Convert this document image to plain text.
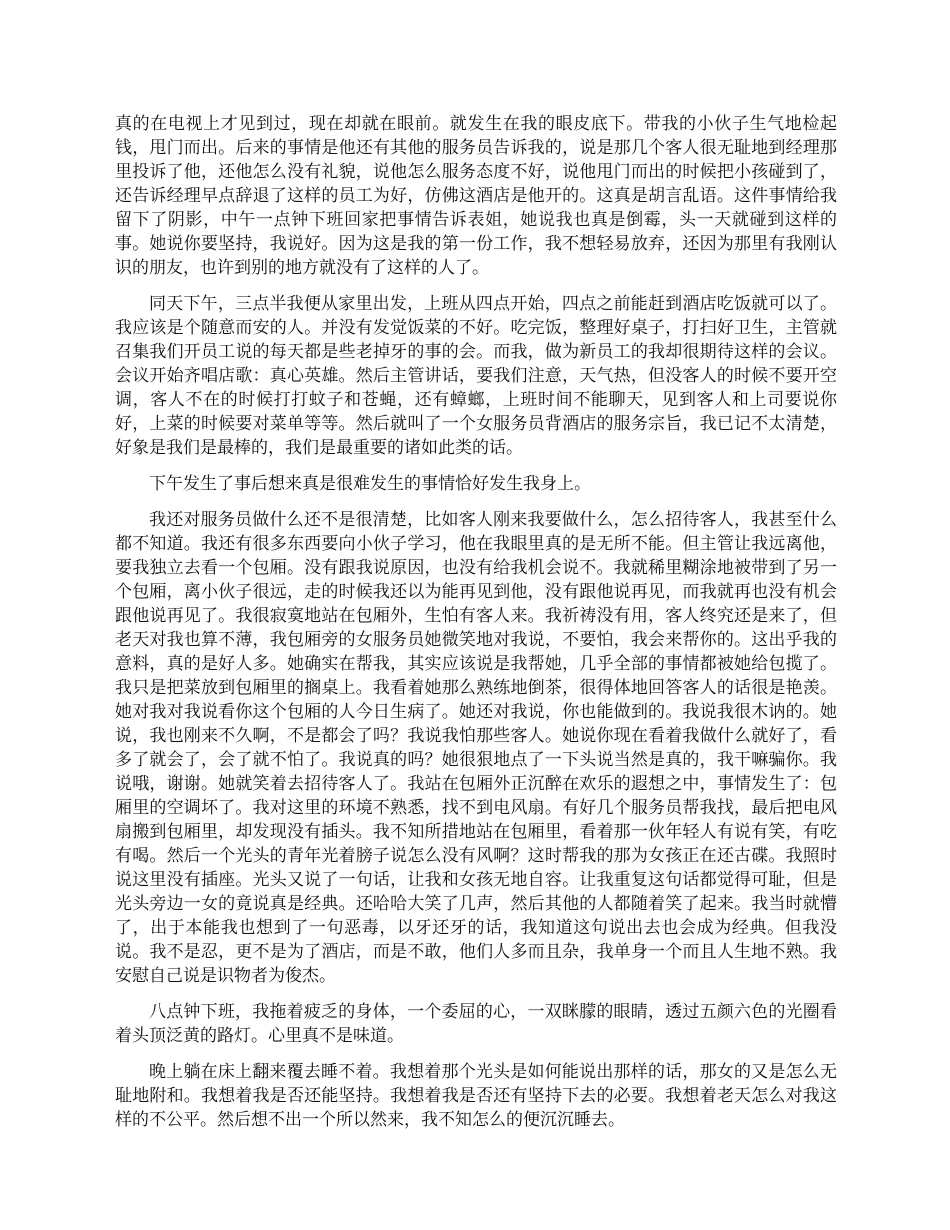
真的在电视上才见到过，现在却就在眼前。就发生在我的眼皮底下。带我的小伙子生气地检起钱，甩门而出。后来的事情是他还有其他的服务员告诉我的，说是那几个客人很无耻地到经理那里投诉了他，还他怎么没有礼貌，说他怎么服务态度不好，说他甩门而出的时候把小孩碰到了，还告诉经理早点辞退了这样的员工为好，仿佛这酒店是他开的。这真是胡言乱语。这件事情给我留下了阴影，中午一点钟下班回家把事情告诉表姐，她说我也真是倒霉，头一天就碰到这样的事。她说你要坚持，我说好。因为这是我的第一份工作，我不想轻易放弃，还因为那里有我刚认识的朋友，也许到别的地方就没有了这样的人了。

同天下午，三点半我便从家里出发，上班从四点开始，四点之前能赶到酒店吃饭就可以了。我应该是个随意而安的人。并没有发觉饭菜的不好。吃完饭，整理好桌子，打扫好卫生，主管就召集我们开员工说的每天都是些老掉牙的事的会。而我，做为新员工的我却很期待这样的会议。会议开始齐唱店歌：真心英雄。然后主管讲话，要我们注意，天气热，但没客人的时候不要开空调，客人不在的时候打打蚊子和苍蝇，还有蟑螂，上班时间不能聊天，见到客人和上司要说你好，上菜的时候要对菜单等等。然后就叫了一个女服务员背酒店的服务宗旨，我已记不太清楚，好象是我们是最棒的，我们是最重要的诸如此类的话。

下午发生了事后想来真是很难发生的事情恰好发生我身上。

我还对服务员做什么还不是很清楚，比如客人刚来我要做什么，怎么招待客人，我甚至什么都不知道。我还有很多东西要向小伙子学习，他在我眼里真的是无所不能。但主管让我远离他，要我独立去看一个包厢。没有跟我说原因，也没有给我机会说不。我就稀里糊涂地被带到了另一个包厢，离小伙子很远，走的时候我还以为能再见到他，没有跟他说再见，而我就再也没有机会跟他说再见了。我很寂寞地站在包厢外，生怕有客人来。我祈祷没有用，客人终究还是来了，但老天对我也算不薄，我包厢旁的女服务员她微笑地对我说，不要怕，我会来帮你的。这出乎我的意料，真的是好人多。她确实在帮我，其实应该说是我帮她，几乎全部的事情都被她给包揽了。我只是把菜放到包厢里的搁桌上。我看着她那么熟练地倒茶，很得体地回答客人的话很是艳羡。她对我对我说看你这个包厢的人今日生病了。她还对我说，你也能做到的。我说我很木讷的。她说，我也刚来不久啊，不是都会了吗？我说我怕那些客人。她说你现在看着我做什么就好了，看多了就会了，会了就不怕了。我说真的吗？她很狠地点了一下头说当然是真的，我干嘛骗你。我说哦，谢谢。她就笑着去招待客人了。我站在包厢外正沉醉在欢乐的遐想之中，事情发生了：包厢里的空调坏了。我对这里的环境不熟悉，找不到电风扇。有好几个服务员帮我找，最后把电风扇搬到包厢里，却发现没有插头。我不知所措地站在包厢里，看着那一伙年轻人有说有笑，有吃有喝。然后一个光头的青年光着膀子说怎么没有风啊？这时帮我的那为女孩正在还古碟。我照时说这里没有插座。光头又说了一句话，让我和女孩无地自容。让我重复这句话都觉得可耻，但是光头旁边一女的竟说真是经典。还哈哈大笑了几声，然后其他的人都随着笑了起来。我当时就懵了，出于本能我也想到了一句恶毒，以牙还牙的话，我知道这句说出去也会成为经典。但我没说。我不是忍，更不是为了酒店，而是不敢，他们人多而且杂，我单身一个而且人生地不熟。我安慰自己说是识物者为俊杰。

八点钟下班，我拖着疲乏的身体，一个委屈的心，一双眯朦的眼睛，透过五颜六色的光圈看着头顶泛黄的路灯。心里真不是味道。

晚上躺在床上翻来覆去睡不着。我想着那个光头是如何能说出那样的话，那女的又是怎么无耻地附和。我想着我是否还能坚持。我想着我是否还有坚持下去的必要。我想着老天怎么对我这样的不公平。然后想不出一个所以然来，我不知怎么的便沉沉睡去。
